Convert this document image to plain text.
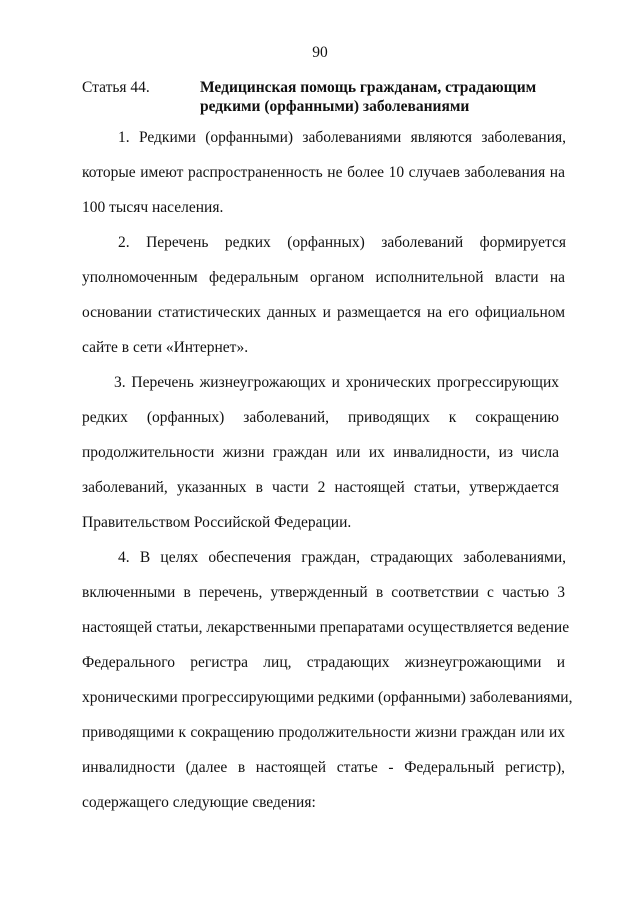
90
Статья 44.	Медицинская помощь гражданам, страдающим
редкими (орфанными) заболеваниями
1. Редкими (орфанными) заболеваниями являются заболевания,
которые имеют распространенность не более 10 случаев заболевания на
100 тысяч населения.
2. Перечень редких (орфанных) заболеваний формируется
уполномоченным федеральным органом исполнительной власти на
основании статистических данных и размещается на его официальном
сайте в сети «Интернет».
3. Перечень жизнеугрожающих и хронических прогрессирующих
редких (орфанных) заболеваний, приводящих к сокращению
продолжительности жизни граждан или их инвалидности, из числа
заболеваний, указанных в части 2 настоящей статьи, утверждается
Правительством Российской Федерации.
4. В целях обеспечения граждан, страдающих заболеваниями,
включенными в перечень, утвержденный в соответствии с частью 3
настоящей статьи, лекарственными препаратами осуществляется ведение
Федерального регистра лиц, страдающих жизнеугрожающими и
хроническими прогрессирующими редкими (орфанными) заболеваниями,
приводящими к сокращению продолжительности жизни граждан или их
инвалидности (далее в настоящей статье - Федеральный регистр),
содержащего следующие сведения:
